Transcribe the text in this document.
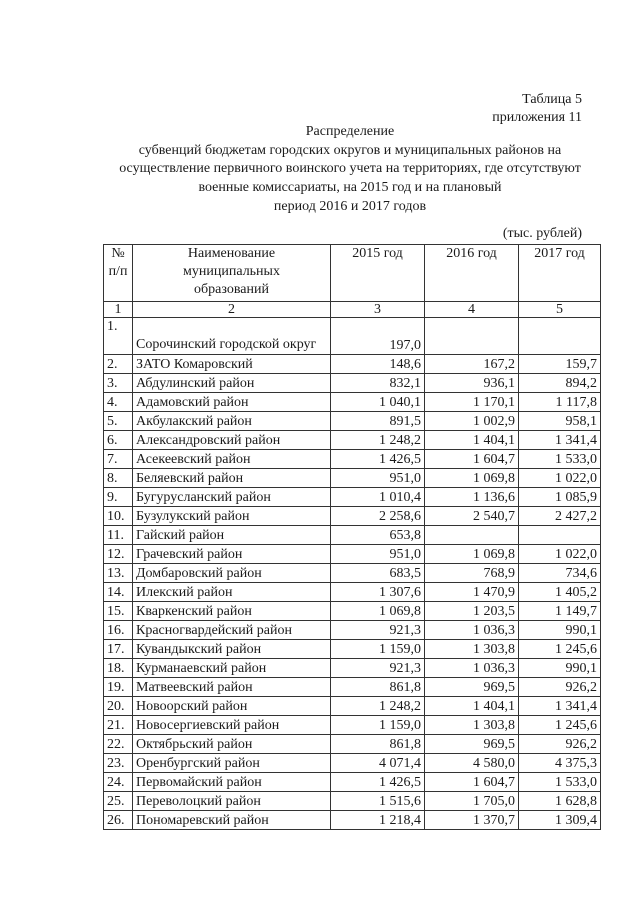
Таблица 5
приложения 11
Распределение
субвенций бюджетам городских округов и муниципальных районов на
осуществление первичного воинского учета на территориях, где отсутствуют
военные комиссариаты, на 2015 год и на плановый
период 2016 и 2017 годов
(тыс. рублей)
№ п/п	Наименование муниципальных образований	2015 год	2016 год	2017 год
1	2	3	4	5
1.	Сорочинский городской округ	197,0		
2.	ЗАТО Комаровский	148,6	167,2	159,7
3.	Абдулинский район	832,1	936,1	894,2
4.	Адамовский район	1 040,1	1 170,1	1 117,8
5.	Акбулакский район	891,5	1 002,9	958,1
6.	Александровский район	1 248,2	1 404,1	1 341,4
7.	Асекеевский район	1 426,5	1 604,7	1 533,0
8.	Беляевский район	951,0	1 069,8	1 022,0
9.	Бугурусланский район	1 010,4	1 136,6	1 085,9
10.	Бузулукский район	2 258,6	2 540,7	2 427,2
11.	Гайский район	653,8		
12.	Грачевский район	951,0	1 069,8	1 022,0
13.	Домбаровский район	683,5	768,9	734,6
14.	Илекский район	1 307,6	1 470,9	1 405,2
15.	Кваркенский район	1 069,8	1 203,5	1 149,7
16.	Красногвардейский район	921,3	1 036,3	990,1
17.	Кувандыкский район	1 159,0	1 303,8	1 245,6
18.	Курманаевский район	921,3	1 036,3	990,1
19.	Матвеевский район	861,8	969,5	926,2
20.	Новоорский район	1 248,2	1 404,1	1 341,4
21.	Новосергиевский район	1 159,0	1 303,8	1 245,6
22.	Октябрьский район	861,8	969,5	926,2
23.	Оренбургский район	4 071,4	4 580,0	4 375,3
24.	Первомайский район	1 426,5	1 604,7	1 533,0
25.	Переволоцкий район	1 515,6	1 705,0	1 628,8
26.	Пономаревский район	1 218,4	1 370,7	1 309,4
